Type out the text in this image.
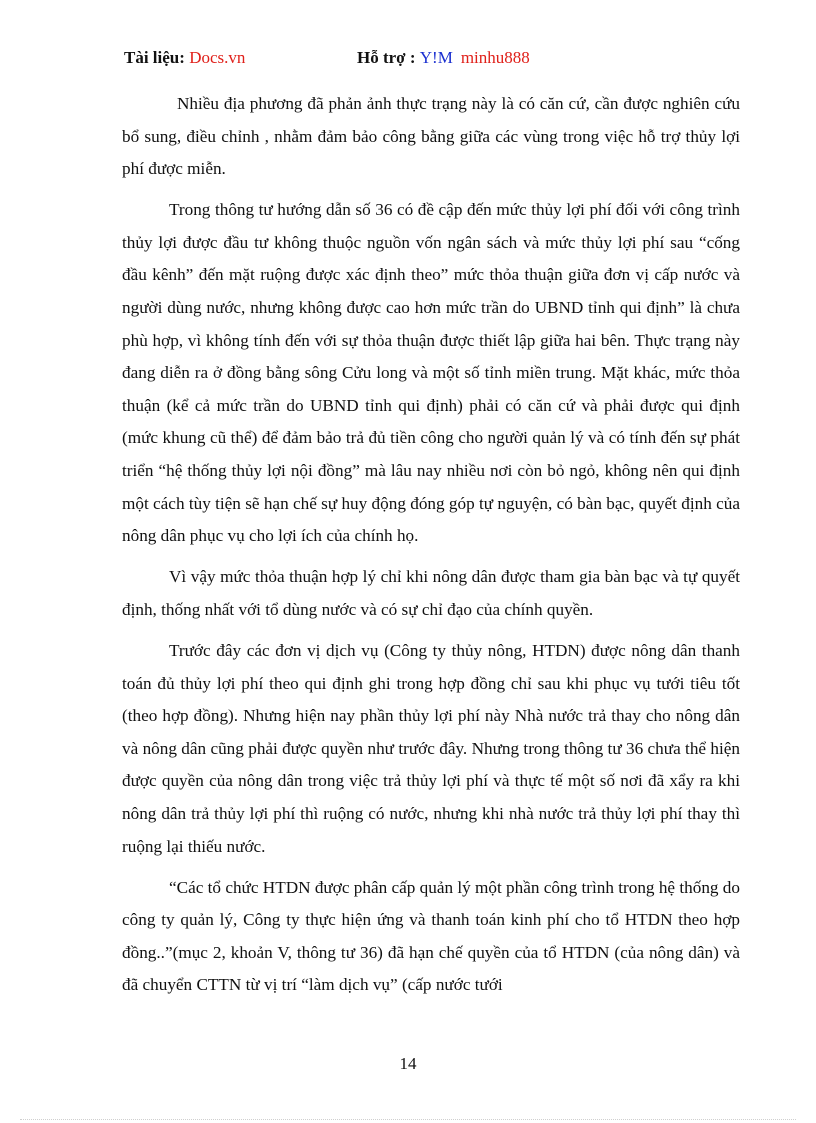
Tài liệu: Docs.vn	Hỗ trợ : Y!M minhu888

Nhiều địa phương đã phản ảnh thực trạng này là có căn cứ, cần được nghiên cứu bổ sung, điều chỉnh , nhằm đảm bảo công bằng giữa các vùng trong việc hỗ trợ thủy lợi phí được miễn.

Trong thông tư hướng dẫn số 36 có đề cập đến mức thủy lợi phí đối với công trình thủy lợi được đầu tư không thuộc nguồn vốn ngân sách và mức thủy lợi phí sau “cống đầu kênh” đến mặt ruộng được xác định theo” mức thỏa thuận giữa đơn vị cấp nước và người dùng nước, nhưng không được cao hơn mức trần do UBND tỉnh qui định” là chưa phù hợp, vì không tính đến với sự thỏa thuận được thiết lập giữa hai bên. Thực trạng này đang diễn ra ở đồng bằng sông Cửu long và một số tỉnh miền trung. Mặt khác, mức thỏa thuận (kể cả mức trần do UBND tỉnh qui định) phải có căn cứ và phải được qui định (mức khung cũ thể) để đảm bảo trả đủ tiền công cho người quản lý và có tính đến sự phát triển “hệ thống thủy lợi nội đồng” mà lâu nay nhiều nơi còn bỏ ngỏ, không nên qui định một cách tùy tiện sẽ hạn chế sự huy động đóng góp tự nguyện, có bàn bạc, quyết định của nông dân phục vụ cho lợi ích của chính họ.

Vì vậy mức thỏa thuận hợp lý chỉ khi nông dân được tham gia bàn bạc và tự quyết định, thống nhất với tổ dùng nước và có sự chỉ đạo của chính quyền.

Trước đây các đơn vị dịch vụ (Công ty thủy nông, HTDN) được nông dân thanh toán đủ thủy lợi phí theo qui định ghi trong hợp đồng chỉ sau khi phục vụ tưới tiêu tốt (theo hợp đồng). Nhưng hiện nay phần thủy lợi phí này Nhà nước trả thay cho nông dân và nông dân cũng phải được quyền như trước đây. Nhưng trong thông tư 36 chưa thể hiện được quyền của nông dân trong việc trả thủy lợi phí và thực tế một số nơi đã xẩy ra khi nông dân trả thủy lợi phí thì ruộng có nước, nhưng khi nhà nước trả thủy lợi phí thay thì ruộng lại thiếu nước.

“Các tổ chức HTDN được phân cấp quản lý một phần công trình trong hệ thống do công ty quản lý, Công ty thực hiện ứng và thanh toán kinh phí cho tổ HTDN theo hợp đồng..”(mục 2, khoản V, thông tư 36) đã hạn chế quyền của tổ HTDN (của nông dân) và đã chuyển CTTN từ vị trí “làm dịch vụ” (cấp nước tưới

14
